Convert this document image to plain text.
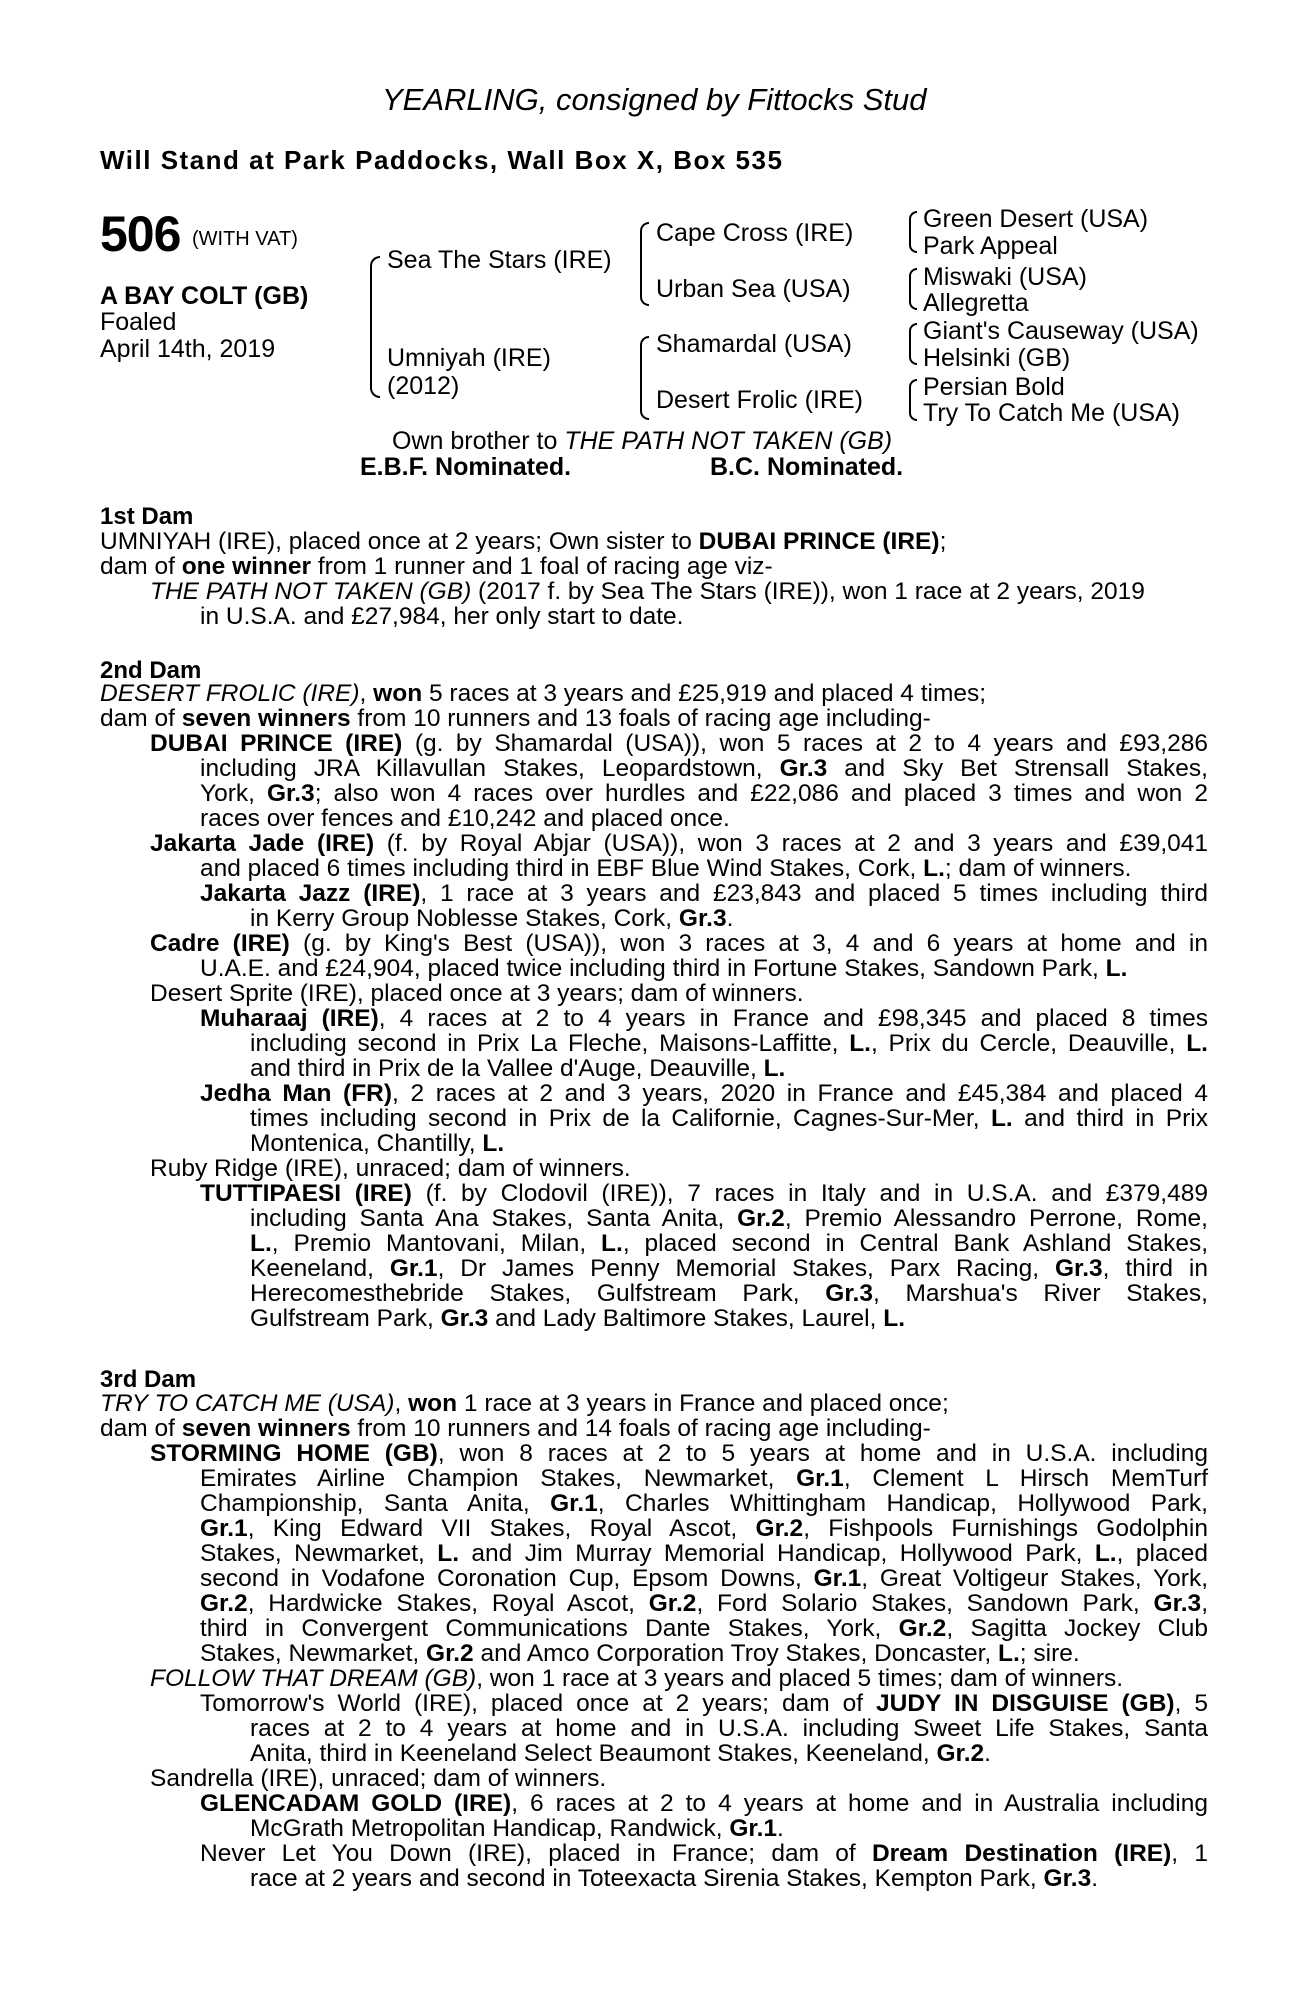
YEARLING, consigned by Fittocks Stud
Will Stand at Park Paddocks, Wall Box X, Box 535
506 (WITH VAT)
A BAY COLT (GB)
Foaled
April 14th, 2019
Sea The Stars (IRE)
Umniyah (IRE)
(2012)
Cape Cross (IRE)
Urban Sea (USA)
Shamardal (USA)
Desert Frolic (IRE)
Green Desert (USA)
Park Appeal
Miswaki (USA)
Allegretta
Giant's Causeway (USA)
Helsinki (GB)
Persian Bold
Try To Catch Me (USA)
Own brother to THE PATH NOT TAKEN (GB)
E.B.F. Nominated.	B.C. Nominated.
1st Dam
UMNIYAH (IRE), placed once at 2 years; Own sister to DUBAI PRINCE (IRE);
dam of one winner from 1 runner and 1 foal of racing age viz-
THE PATH NOT TAKEN (GB) (2017 f. by Sea The Stars (IRE)), won 1 race at 2 years, 2019
in U.S.A. and £27,984, her only start to date.
2nd Dam
DESERT FROLIC (IRE), won 5 races at 3 years and £25,919 and placed 4 times;
dam of seven winners from 10 runners and 13 foals of racing age including-
DUBAI PRINCE (IRE) (g. by Shamardal (USA)), won 5 races at 2 to 4 years and £93,286
including JRA Killavullan Stakes, Leopardstown, Gr.3 and Sky Bet Strensall Stakes,
York, Gr.3; also won 4 races over hurdles and £22,086 and placed 3 times and won 2
races over fences and £10,242 and placed once.
Jakarta Jade (IRE) (f. by Royal Abjar (USA)), won 3 races at 2 and 3 years and £39,041
and placed 6 times including third in EBF Blue Wind Stakes, Cork, L.; dam of winners.
Jakarta Jazz (IRE), 1 race at 3 years and £23,843 and placed 5 times including third
in Kerry Group Noblesse Stakes, Cork, Gr.3.
Cadre (IRE) (g. by King's Best (USA)), won 3 races at 3, 4 and 6 years at home and in
U.A.E. and £24,904, placed twice including third in Fortune Stakes, Sandown Park, L.
Desert Sprite (IRE), placed once at 3 years; dam of winners.
Muharaaj (IRE), 4 races at 2 to 4 years in France and £98,345 and placed 8 times
including second in Prix La Fleche, Maisons-Laffitte, L., Prix du Cercle, Deauville, L.
and third in Prix de la Vallee d'Auge, Deauville, L.
Jedha Man (FR), 2 races at 2 and 3 years, 2020 in France and £45,384 and placed 4
times including second in Prix de la Californie, Cagnes-Sur-Mer, L. and third in Prix
Montenica, Chantilly, L.
Ruby Ridge (IRE), unraced; dam of winners.
TUTTIPAESI (IRE) (f. by Clodovil (IRE)), 7 races in Italy and in U.S.A. and £379,489
including Santa Ana Stakes, Santa Anita, Gr.2, Premio Alessandro Perrone, Rome,
L., Premio Mantovani, Milan, L., placed second in Central Bank Ashland Stakes,
Keeneland, Gr.1, Dr James Penny Memorial Stakes, Parx Racing, Gr.3, third in
Herecomesthebride Stakes, Gulfstream Park, Gr.3, Marshua's River Stakes,
Gulfstream Park, Gr.3 and Lady Baltimore Stakes, Laurel, L.
3rd Dam
TRY TO CATCH ME (USA), won 1 race at 3 years in France and placed once;
dam of seven winners from 10 runners and 14 foals of racing age including-
STORMING HOME (GB), won 8 races at 2 to 5 years at home and in U.S.A. including
Emirates Airline Champion Stakes, Newmarket, Gr.1, Clement L Hirsch MemTurf
Championship, Santa Anita, Gr.1, Charles Whittingham Handicap, Hollywood Park,
Gr.1, King Edward VII Stakes, Royal Ascot, Gr.2, Fishpools Furnishings Godolphin
Stakes, Newmarket, L. and Jim Murray Memorial Handicap, Hollywood Park, L., placed
second in Vodafone Coronation Cup, Epsom Downs, Gr.1, Great Voltigeur Stakes, York,
Gr.2, Hardwicke Stakes, Royal Ascot, Gr.2, Ford Solario Stakes, Sandown Park, Gr.3,
third in Convergent Communications Dante Stakes, York, Gr.2, Sagitta Jockey Club
Stakes, Newmarket, Gr.2 and Amco Corporation Troy Stakes, Doncaster, L.; sire.
FOLLOW THAT DREAM (GB), won 1 race at 3 years and placed 5 times; dam of winners.
Tomorrow's World (IRE), placed once at 2 years; dam of JUDY IN DISGUISE (GB), 5
races at 2 to 4 years at home and in U.S.A. including Sweet Life Stakes, Santa
Anita, third in Keeneland Select Beaumont Stakes, Keeneland, Gr.2.
Sandrella (IRE), unraced; dam of winners.
GLENCADAM GOLD (IRE), 6 races at 2 to 4 years at home and in Australia including
McGrath Metropolitan Handicap, Randwick, Gr.1.
Never Let You Down (IRE), placed in France; dam of Dream Destination (IRE), 1
race at 2 years and second in Toteexacta Sirenia Stakes, Kempton Park, Gr.3.
